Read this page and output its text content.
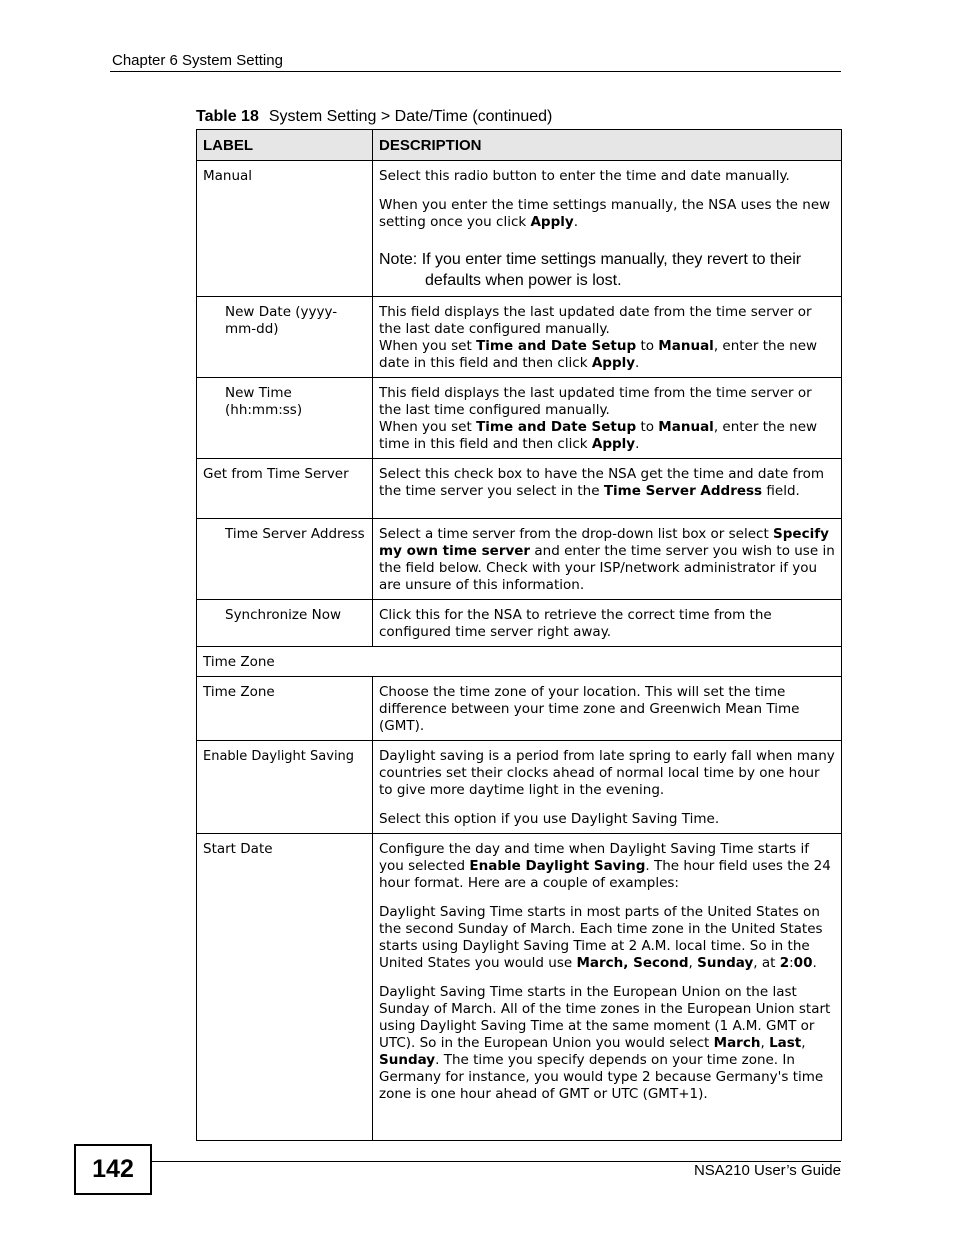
Chapter 6 System Setting
Table 18 System Setting > Date/Time (continued)
LABEL	DESCRIPTION
Manual	Select this radio button to enter the time and date manually.

When you enter the time settings manually, the NSA uses the new setting once you click Apply.

Note: If you enter time settings manually, they revert to their defaults when power is lost.

New Date (yyyy-mm-dd)	This field displays the last updated date from the time server or the last date configured manually.
When you set Time and Date Setup to Manual, enter the new date in this field and then click Apply.

New Time (hh:mm:ss)	This field displays the last updated time from the time server or the last time configured manually.
When you set Time and Date Setup to Manual, enter the new time in this field and then click Apply.

Get from Time Server	Select this check box to have the NSA get the time and date from the time server you select in the Time Server Address field.
Time Server Address	Select a time server from the drop-down list box or select Specify my own time server and enter the time server you wish to use in the field below. Check with your ISP/network administrator if you are unsure of this information.
Synchronize Now	Click this for the NSA to retrieve the correct time from the configured time server right away.
Time Zone	
Time Zone	Choose the time zone of your location. This will set the time difference between your time zone and Greenwich Mean Time (GMT).
Enable Daylight Saving	Daylight saving is a period from late spring to early fall when many countries set their clocks ahead of normal local time by one hour to give more daytime light in the evening.

Select this option if you use Daylight Saving Time.

Start Date	Configure the day and time when Daylight Saving Time starts if you selected Enable Daylight Saving. The hour field uses the 24 hour format. Here are a couple of examples:

Daylight Saving Time starts in most parts of the United States on the second Sunday of March. Each time zone in the United States starts using Daylight Saving Time at 2 A.M. local time. So in the United States you would use March, Second, Sunday, at 2:00.

Daylight Saving Time starts in the European Union on the last Sunday of March. All of the time zones in the European Union start using Daylight Saving Time at the same moment (1 A.M. GMT or UTC). So in the European Union you would select March, Last, Sunday. The time you specify depends on your time zone. In Germany for instance, you would type 2 because Germany's time zone is one hour ahead of GMT or UTC (GMT+1).

142	NSA210 User’s Guide
